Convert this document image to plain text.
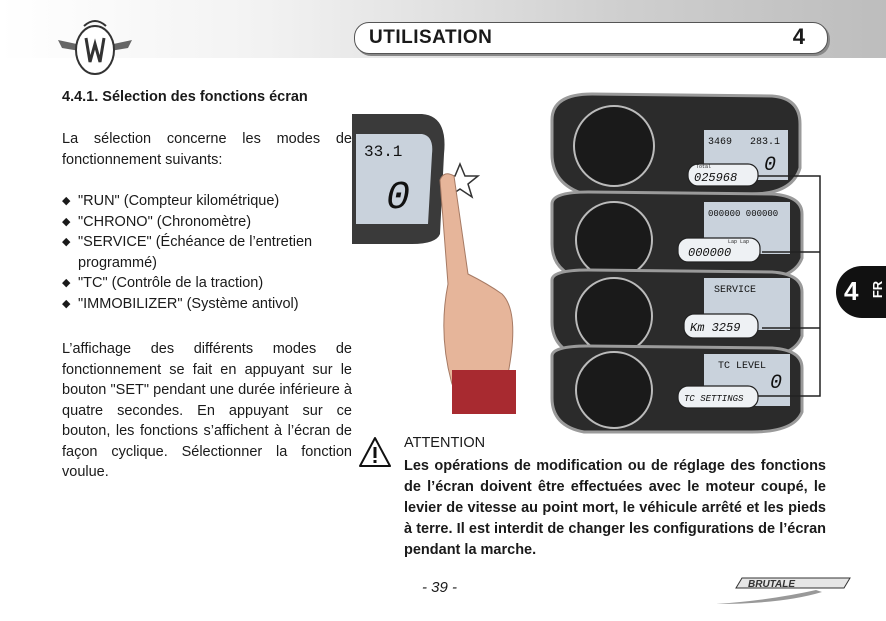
UTILISATION	4
4 FR
4.4.1. Sélection des fonctions écran
La sélection concerne les modes de fonctionnement suivants:
◆ "RUN" (Compteur kilométrique)
◆ "CHRONO" (Chronomètre)
◆ "SERVICE" (Échéance de l’entretien programmé)
◆ "TC" (Contrôle de la traction)
◆ "IMMOBILIZER" (Système antivol)
L’affichage des différents modes de fonctionnement se fait en appuyant sur le bouton "SET" pendant une durée inférieure à quatre secondes. En appuyant sur ce bouton, les fonctions s’affichent à l’écran de façon cyclique. Sélectionner la fonction voulue.
33.1
0
3469 283.1
0
000000 000000
SERVICE
TC LEVEL
0
Total
025968
Lap Lap
000000
Km 3259
TC SETTINGS
ATTENTION
Les opérations de modification ou de réglage des fonctions de l’écran doivent être effectuées avec le moteur coupé, le levier de vitesse au point mort, le véhicule arrêté et les pieds à terre. Il est interdit de changer les configurations de l’écran pendant la marche.
- 39 -	BRUTALE
